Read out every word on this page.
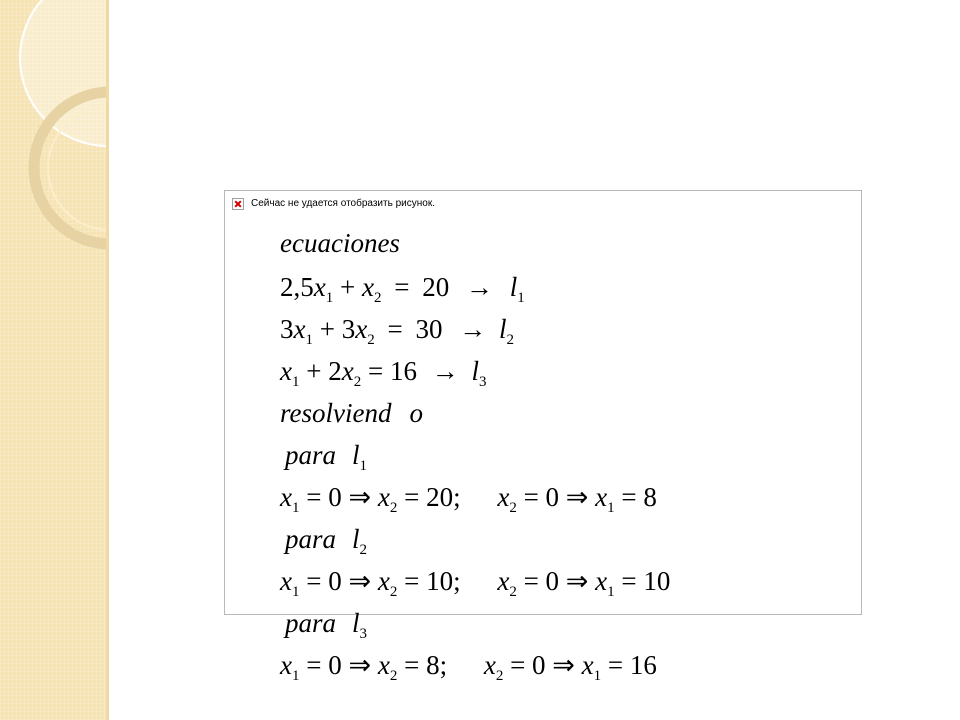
Сейчас не удается отобразить рисунок.
ecuaciones
$2,5x_1 + x_2 = 20 \to l_1$
$3x_1 + 3x_2 = 30 \to l_2$
$x_1 + 2x_2 = 16 \to l_3$
resolviend o
para $l_1$
$x_1 = 0$ ⇒ $x_2 = 20$; $x_2 = 0$ ⇒ $x_1 = 8$
para $l_2$
$x_1 = 0$ ⇒ $x_2 = 10$; $x_2 = 0$ ⇒ $x_1 = 10$
para $l_3$
$x_1 = 0$ ⇒ $x_2 = 8$; $x_2 = 0$ ⇒ $x_1 = 16$
